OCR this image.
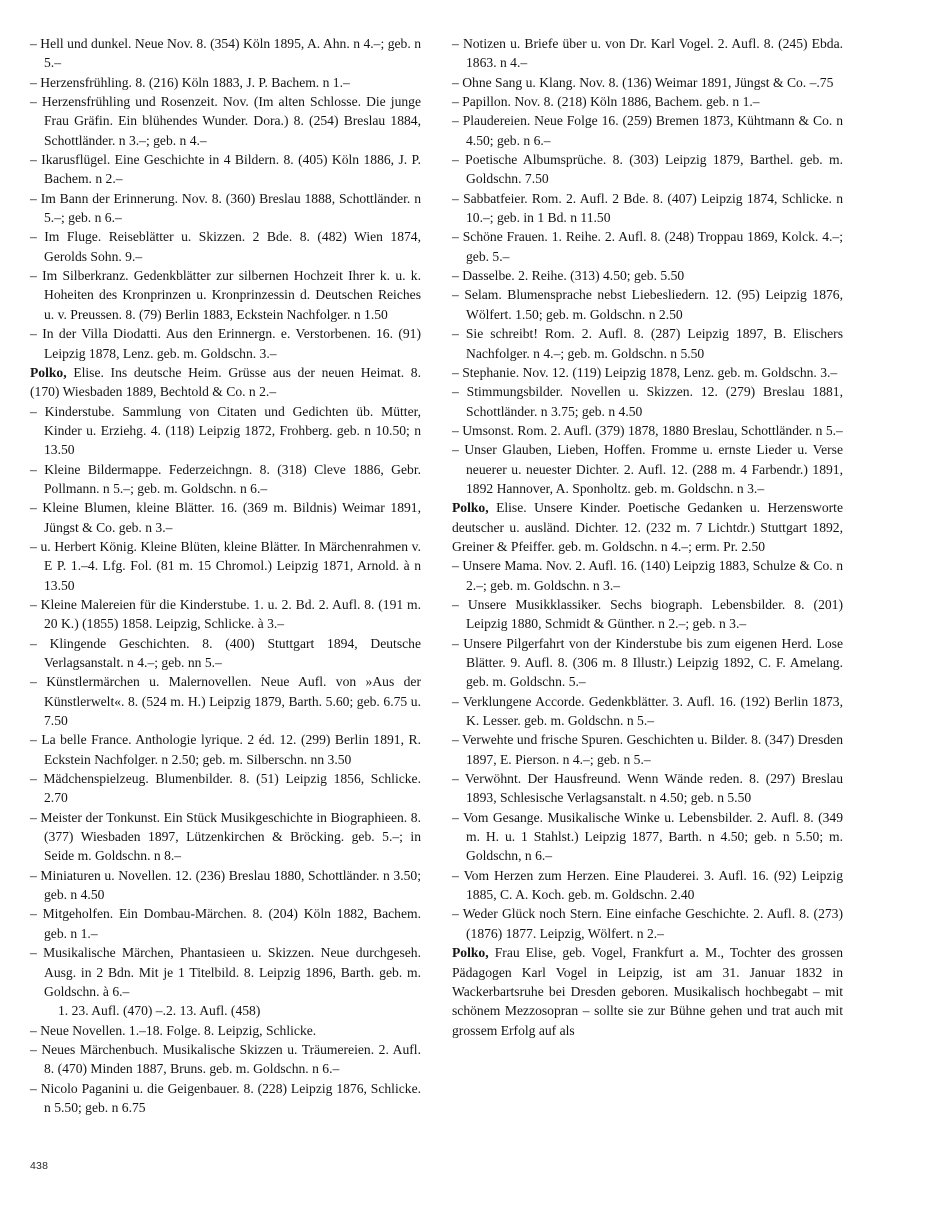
– Hell und dunkel. Neue Nov. 8. (354) Köln 1895, A. Ahn. n 4.–; geb. n 5.–

– Herzensfrühling. 8. (216) Köln 1883, J. P. Bachem. n 1.–

– Herzensfrühling und Rosenzeit. Nov. (Im alten Schlosse. Die junge Frau Gräfin. Ein blühendes Wunder. Dora.) 8. (254) Breslau 1884, Schottländer. n 3.–; geb. n 4.–

– Ikarusflügel. Eine Geschichte in 4 Bildern. 8. (405) Köln 1886, J. P. Bachem. n 2.–

– Im Bann der Erinnerung. Nov. 8. (360) Breslau 1888, Schottländer. n 5.–; geb. n 6.–

– Im Fluge. Reiseblätter u. Skizzen. 2 Bde. 8. (482) Wien 1874, Gerolds Sohn. 9.–

– Im Silberkranz. Gedenkblätter zur silbernen Hochzeit Ihrer k. u. k. Hoheiten des Kronprinzen u. Kronprinzessin d. Deutschen Reiches u. v. Preussen. 8. (79) Berlin 1883, Eckstein Nachfolger. n 1.50

– In der Villa Diodatti. Aus den Erinnergn. e. Verstorbenen. 16. (91) Leipzig 1878, Lenz. geb. m. Goldschn. 3.–

Polko, Elise. Ins deutsche Heim. Grüsse aus der neuen Heimat. 8. (170) Wiesbaden 1889, Bechtold & Co. n 2.–

– Kinderstube. Sammlung von Citaten und Gedichten üb. Mütter, Kinder u. Erziehg. 4. (118) Leipzig 1872, Frohberg. geb. n 10.50; n 13.50

– Kleine Bildermappe. Federzeichngn. 8. (318) Cleve 1886, Gebr. Pollmann. n 5.–; geb. m. Goldschn. n 6.–

– Kleine Blumen, kleine Blätter. 16. (369 m. Bildnis) Weimar 1891, Jüngst & Co. geb. n 3.–

– u. Herbert König. Kleine Blüten, kleine Blätter. In Märchenrahmen v. E P. 1.–4. Lfg. Fol. (81 m. 15 Chromol.) Leipzig 1871, Arnold. à n 13.50

– Kleine Malereien für die Kinderstube. 1. u. 2. Bd. 2. Aufl. 8. (191 m. 20 K.) (1855) 1858. Leipzig, Schlicke. à 3.–

– Klingende Geschichten. 8. (400) Stuttgart 1894, Deutsche Verlagsanstalt. n 4.–; geb. nn 5.–

– Künstlermärchen u. Malernovellen. Neue Aufl. von »Aus der Künstlerwelt«. 8. (524 m. H.) Leipzig 1879, Barth. 5.60; geb. 6.75 u. 7.50

– La belle France. Anthologie lyrique. 2 éd. 12. (299) Berlin 1891, R. Eckstein Nachfolger. n 2.50; geb. m. Silberschn. nn 3.50

– Mädchenspielzeug. Blumenbilder. 8. (51) Leipzig 1856, Schlicke. 2.70

– Meister der Tonkunst. Ein Stück Musikgeschichte in Biographieen. 8. (377) Wiesbaden 1897, Lützenkirchen & Bröcking. geb. 5.–; in Seide m. Goldschn. n 8.–

– Miniaturen u. Novellen. 12. (236) Breslau 1880, Schottländer. n 3.50; geb. n 4.50

– Mitgeholfen. Ein Dombau-Märchen. 8. (204) Köln 1882, Bachem. geb. n 1.–

– Musikalische Märchen, Phantasieen u. Skizzen. Neue durchgeseh. Ausg. in 2 Bdn. Mit je 1 Titelbild. 8. Leipzig 1896, Barth. geb. m. Goldschn. à 6.–

1. 23. Aufl. (470) –.2. 13. Aufl. (458)

– Neue Novellen. 1.–18. Folge. 8. Leipzig, Schlicke.

– Neues Märchenbuch. Musikalische Skizzen u. Träumereien. 2. Aufl. 8. (470) Minden 1887, Bruns. geb. m. Goldschn. n 6.–

– Nicolo Paganini u. die Geigenbauer. 8. (228) Leipzig 1876, Schlicke. n 5.50; geb. n 6.75

– Notizen u. Briefe über u. von Dr. Karl Vogel. 2. Aufl. 8. (245) Ebda. 1863. n 4.–

– Ohne Sang u. Klang. Nov. 8. (136) Weimar 1891, Jüngst & Co. –.75

– Papillon. Nov. 8. (218) Köln 1886, Bachem. geb. n 1.–

– Plaudereien. Neue Folge 16. (259) Bremen 1873, Kühtmann & Co. n 4.50; geb. n 6.–

– Poetische Albumsprüche. 8. (303) Leipzig 1879, Barthel. geb. m. Goldschn. 7.50

– Sabbatfeier. Rom. 2. Aufl. 2 Bde. 8. (407) Leipzig 1874, Schlicke. n 10.–; geb. in 1 Bd. n 11.50

– Schöne Frauen. 1. Reihe. 2. Aufl. 8. (248) Troppau 1869, Kolck. 4.–; geb. 5.–

– Dasselbe. 2. Reihe. (313) 4.50; geb. 5.50

– Selam. Blumensprache nebst Liebesliedern. 12. (95) Leipzig 1876, Wölfert. 1.50; geb. m. Goldschn. n 2.50

– Sie schreibt! Rom. 2. Aufl. 8. (287) Leipzig 1897, B. Elischers Nachfolger. n 4.–; geb. m. Goldschn. n 5.50

– Stephanie. Nov. 12. (119) Leipzig 1878, Lenz. geb. m. Goldschn. 3.–

– Stimmungsbilder. Novellen u. Skizzen. 12. (279) Breslau 1881, Schottländer. n 3.75; geb. n 4.50

– Umsonst. Rom. 2. Aufl. (379) 1878, 1880 Breslau, Schottländer. n 5.–

– Unser Glauben, Lieben, Hoffen. Fromme u. ernste Lieder u. Verse neuerer u. neuester Dichter. 2. Aufl. 12. (288 m. 4 Farbendr.) 1891, 1892 Hannover, A. Sponholtz. geb. m. Goldschn. n 3.–

Polko, Elise. Unsere Kinder. Poetische Gedanken u. Herzensworte deutscher u. ausländ. Dichter. 12. (232 m. 7 Lichtdr.) Stuttgart 1892, Greiner & Pfeiffer. geb. m. Goldschn. n 4.–; erm. Pr. 2.50

– Unsere Mama. Nov. 2. Aufl. 16. (140) Leipzig 1883, Schulze & Co. n 2.–; geb. m. Goldschn. n 3.–

– Unsere Musikklassiker. Sechs biograph. Lebensbilder. 8. (201) Leipzig 1880, Schmidt & Günther. n 2.–; geb. n 3.–

– Unsere Pilgerfahrt von der Kinderstube bis zum eigenen Herd. Lose Blätter. 9. Aufl. 8. (306 m. 8 Illustr.) Leipzig 1892, C. F. Amelang. geb. m. Goldschn. 5.–

– Verklungene Accorde. Gedenkblätter. 3. Aufl. 16. (192) Berlin 1873, K. Lesser. geb. m. Goldschn. n 5.–

– Verwehte und frische Spuren. Geschichten u. Bilder. 8. (347) Dresden 1897, E. Pierson. n 4.–; geb. n 5.–

– Verwöhnt. Der Hausfreund. Wenn Wände reden. 8. (297) Breslau 1893, Schlesische Verlagsanstalt. n 4.50; geb. n 5.50

– Vom Gesange. Musikalische Winke u. Lebensbilder. 2. Aufl. 8. (349 m. H. u. 1 Stahlst.) Leipzig 1877, Barth. n 4.50; geb. n 5.50; m. Goldschn, n 6.–

– Vom Herzen zum Herzen. Eine Plauderei. 3. Aufl. 16. (92) Leipzig 1885, C. A. Koch. geb. m. Goldschn. 2.40

– Weder Glück noch Stern. Eine einfache Geschichte. 2. Aufl. 8. (273) (1876) 1877. Leipzig, Wölfert. n 2.–

Polko, Frau Elise, geb. Vogel, Frankfurt a. M., Tochter des grossen Pädagogen Karl Vogel in Leipzig, ist am 31. Januar 1832 in Wackerbartsruhe bei Dresden geboren. Musikalisch hochbegabt – mit schönem Mezzosopran – sollte sie zur Bühne gehen und trat auch mit grossem Erfolg auf als

438
